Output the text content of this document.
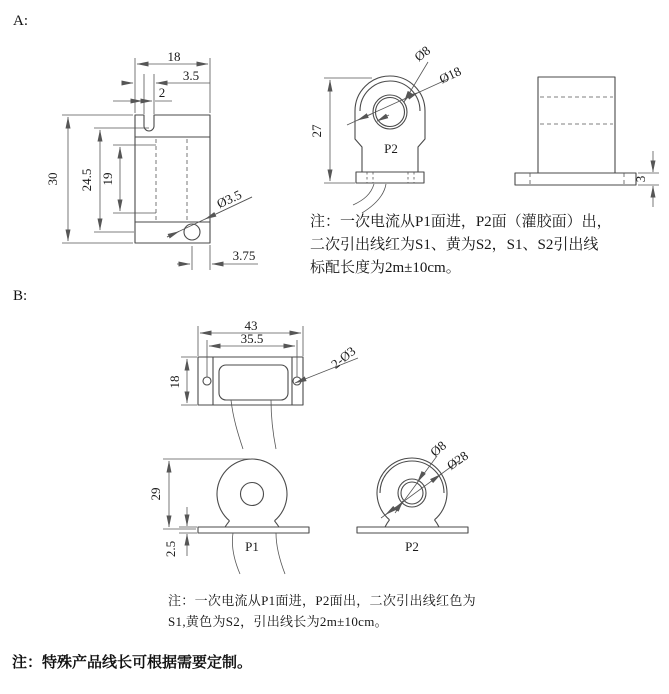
A:
B:
18
3.5
2
30 24.5 19
Ø3.5
3.75
Ø18
Ø8
27
P2
3
43
35.5
18
2-Ø3
29
2.5	P1
Ø28
Ø8
P2
注：一次电流从P1面进，P2面（灌胶面）出，
二次引出线红为S1、黄为S2，S1、S2引出线
标配长度为2m±10cm。
注：一次电流从P1面进，P2面出，二次引出线红色为
S1,黄色为S2，引出线长为2m±10cm。
注：特殊产品线长可根据需要定制。
